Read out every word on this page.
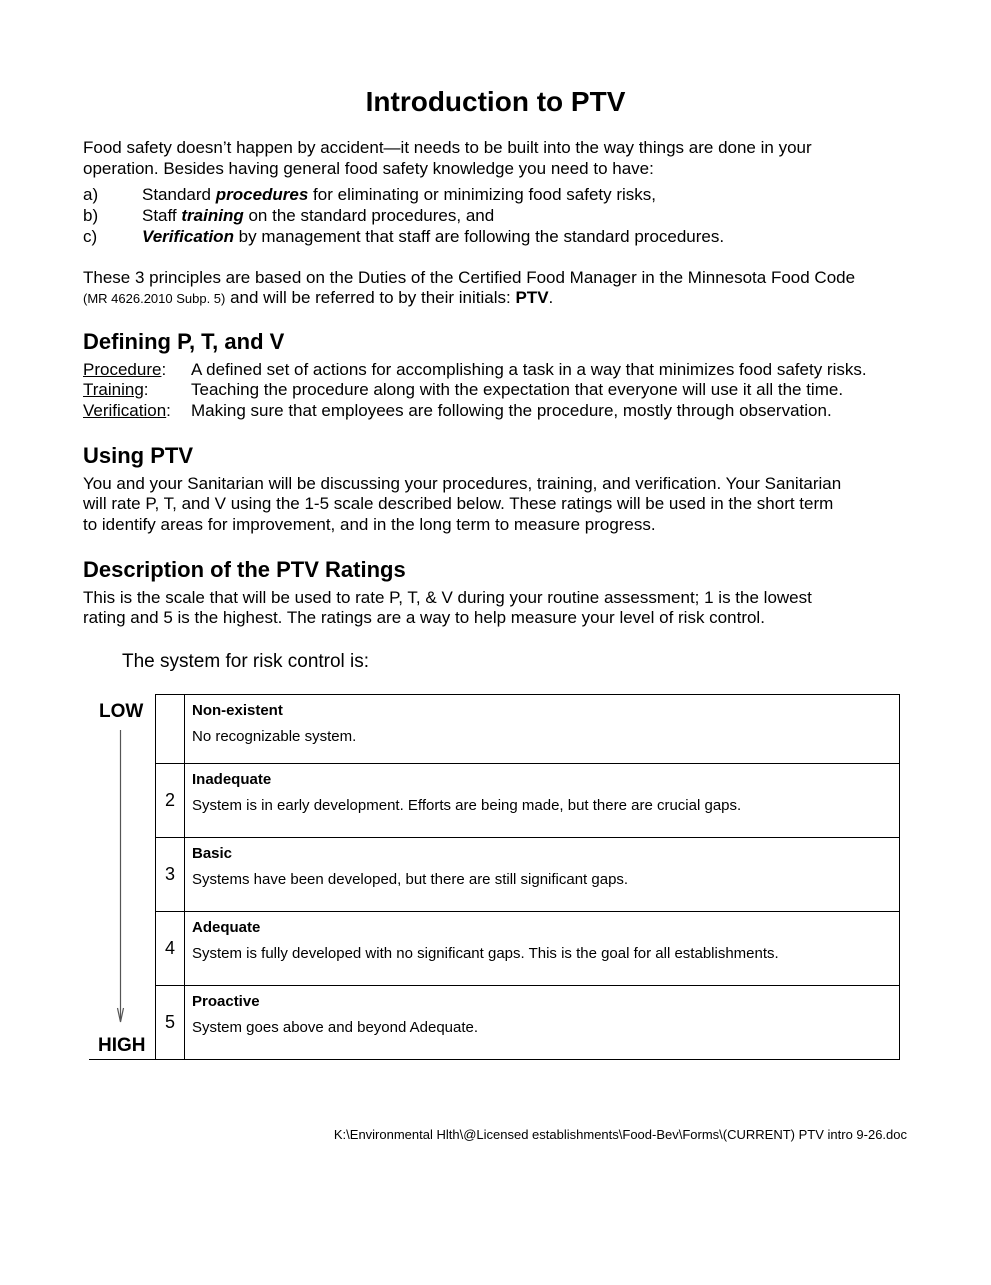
Introduction to PTV

Food safety doesn’t happen by accident—it needs to be built into the way things are done in your

operation. Besides having general food safety knowledge you need to have:

a)	Standard procedures for eliminating or minimizing food safety risks,
b)	Staff training on the standard procedures, and
c)	Verification by management that staff are following the standard procedures.

These 3 principles are based on the Duties of the Certified Food Manager in the Minnesota Food Code

(MR 4626.2010 Subp. 5) and will be referred to by their initials: PTV.

Defining P, T, and V
Procedure: A defined set of actions for accomplishing a task in a way that minimizes food safety risks.
Training: Teaching the procedure along with the expectation that everyone will use it all the time.
Verification: Making sure that employees are following the procedure, mostly through observation.
Using PTV

You and your Sanitarian will be discussing your procedures, training, and verification. Your Sanitarian

will rate P, T, and V using the 1-5 scale described below. These ratings will be used in the short term

to identify areas for improvement, and in the long term to measure progress.

Description of the PTV Ratings

This is the scale that will be used to rate P, T, & V during your routine assessment; 1 is the lowest

rating and 5 is the highest. The ratings are a way to help measure your level of risk control.

The system for risk control is:
LOW
HIGH

	Non-existent
No recognizable system.

2	Inadequate
System is in early development. Efforts are being made, but there are crucial gaps.

3	Basic
Systems have been developed, but there are still significant gaps.

4	Adequate
System is fully developed with no significant gaps. This is the goal for all establishments.

5	Proactive
System goes above and beyond Adequate.
K:\Environmental Hlth\@Licensed establishments\Food-Bev\Forms\(CURRENT) PTV intro 9-26.doc
